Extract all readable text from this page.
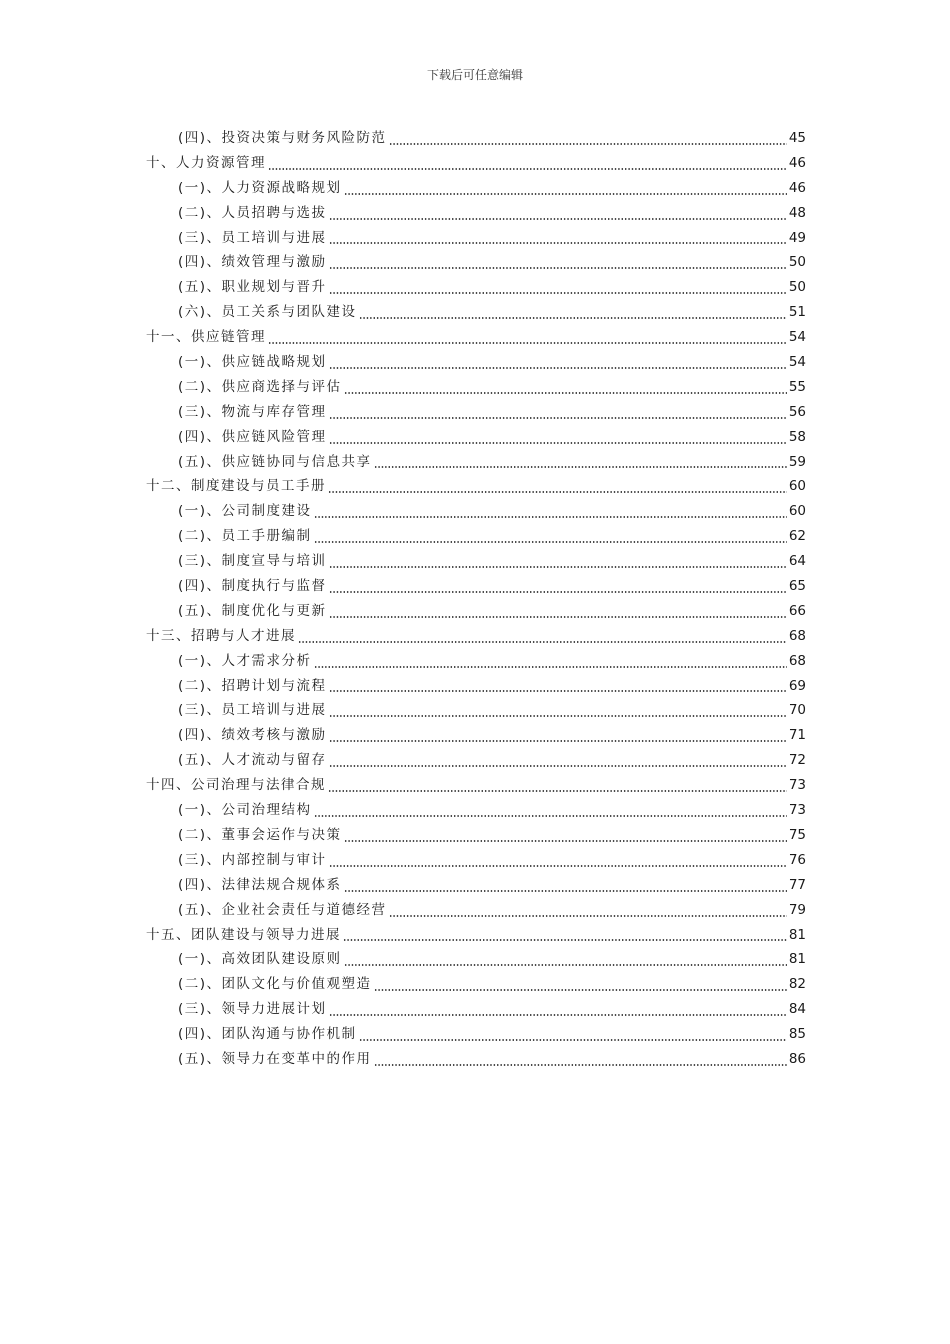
下载后可任意编辑
(四)、投资决策与财务风险防范	45
十、人力资源管理	46
(一)、人力资源战略规划	46
(二)、人员招聘与选拔	48
(三)、员工培训与进展	49
(四)、绩效管理与激励	50
(五)、职业规划与晋升	50
(六)、员工关系与团队建设	51
十一、供应链管理	54
(一)、供应链战略规划	54
(二)、供应商选择与评估	55
(三)、物流与库存管理	56
(四)、供应链风险管理	58
(五)、供应链协同与信息共享	59
十二、制度建设与员工手册	60
(一)、公司制度建设	60
(二)、员工手册编制	62
(三)、制度宣导与培训	64
(四)、制度执行与监督	65
(五)、制度优化与更新	66
十三、招聘与人才进展	68
(一)、人才需求分析	68
(二)、招聘计划与流程	69
(三)、员工培训与进展	70
(四)、绩效考核与激励	71
(五)、人才流动与留存	72
十四、公司治理与法律合规	73
(一)、公司治理结构	73
(二)、董事会运作与决策	75
(三)、内部控制与审计	76
(四)、法律法规合规体系	77
(五)、企业社会责任与道德经营	79
十五、团队建设与领导力进展	81
(一)、高效团队建设原则	81
(二)、团队文化与价值观塑造	82
(三)、领导力进展计划	84
(四)、团队沟通与协作机制	85
(五)、领导力在变革中的作用	86
